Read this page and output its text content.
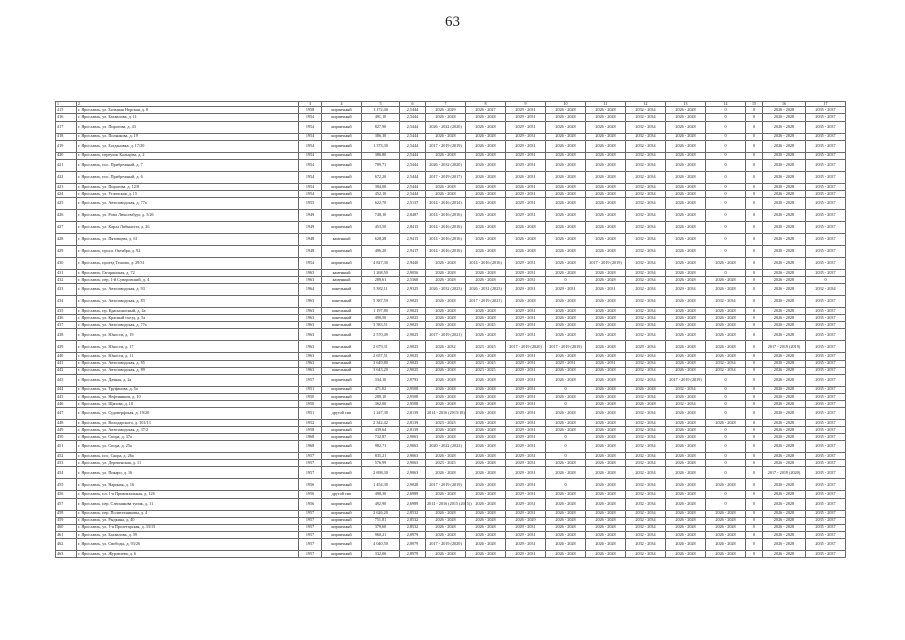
63
1	2	3	4	5	6	7	8	9	10	11	12	13	14	15	16	17
415	г. Ярославль, ул. Большая Норская, д. 8	1958	кирпичный	1 172,40	2,5444	2026 - 2029	2026 - 2027	2029 - 2031	2026 - 2028	2026 - 2028	2032 - 2034	2026 - 2028	0	0	2026 - 2028	2035 - 2037
416	г. Ярославль, ул. Бахвалова, д. 11	1954	кирпичный	491,10	2,5444	2026 - 2028	2026 - 2028	2029 - 2031	2026 - 2028	2026 - 2028	2032 - 2034	2026 - 2028	0	0	2026 - 2028	2035 - 2037
417	г. Ярославль, ул. Пирогова, д. 43	1954	кирпичный	827,90	2,5444	2026 - 2022 (2020)	2026 - 2028	2029 - 2031	2026 - 2028	2026 - 2028	2032 - 2034	2026 - 2028	0	0	2026 - 2028	2035 - 2037
418	г. Ярославль, ул. Полянкова, д. 19	1954	кирпичный	386,30	2,5444	2026 - 2028	2026 - 2028	2029 - 2031	2026 - 2028	2026 - 2028	2032 - 2034	2026 - 2028	0	0	2026 - 2028	2035 - 2037
419	г. Ярославль, ул. Богдановка, д. 17/20	1954	кирпичный	1 373,30	2,5444	2017 - 2019 (2019)	2026 - 2028	2029 - 2031	2026 - 2028	2026 - 2028	2032 - 2034	2026 - 2028	0	0	2026 - 2028	2035 - 2037
420	г. Ярославль, переулок Кольцова, д. 2	1954	кирпичный	386,80	2,5444	2026 - 2028	2026 - 2028	2029 - 2031	2026 - 2028	2026 - 2028	2032 - 2034	2026 - 2028	0	0	2026 - 2028	2035 - 2037
421	г. Ярославль, пос. Прибрежный, д. 7	1954	кирпичный	789,71	2,5444	2026 - 2032 (2020)	2026 - 2028	2029 - 2031	2026 - 2028	2026 - 2028	2032 - 2034	2026 - 2028	0	0	2026 - 2028	2035 - 2037
422	г. Ярославль, пос. Прибрежный, д. 6	1954	кирпичный	672,20	2,5444	2017 - 2019 (2017)	2026 - 2028	2026 - 2031	2026 - 2028	2026 - 2028	2032 - 2034	2026 - 2028	0	0	2026 - 2028	2035 - 2037
423	г. Ярославль, ул. Пирогова, д. 12/8	1954	кирпичный	384,00	2,5444	2026 - 2028	2026 - 2028	2026 - 2031	2026 - 2028	2026 - 2028	2032 - 2034	2026 - 2028	0	0	2026 - 2028	2035 - 2037
424	г. Ярославль, ул. Угличская, д. 15	1954	кирпичный	452,10	2,5444	2026 - 2028	2026 - 2028	2029 - 2031	2026 - 2028	2026 - 2028	2032 - 2034	2026 - 2028	0	0	2026 - 2028	2035 - 2037
425	г. Ярославль, ул. Автозаводская, д. 77а	1955	кирпичный	622,70	2,5137	2014 - 2016 (2014)	2026 - 2028	2029 - 2031	2026 - 2028	2026 - 2028	2032 - 2034	2026 - 2028	0	0	2026 - 2028	2035 - 2037
426	г. Ярославль, ул. Розы Люксембург, д. 5/26	1949	кирпичный	748,10	2,8487	2014 - 2016 (2016)	2026 - 2028	2029 - 2031	2026 - 2028	2026 - 2028	2032 - 2034	2026 - 2028	0	0	2026 - 2028	2035 - 2037
427	г. Ярославль, ул. Карла Либкнехта, д. 26	1949	кирпичный	453,50	2,8415	2014 - 2016 (2016)	2026 - 2028	2026 - 2028	2026 - 2028	2026 - 2028	2032 - 2034	2026 - 2028	0	0	2026 - 2028	2035 - 2037
428	г. Ярославль, ул. Пятовцева, д. 61	1948	каменный	628,28	2,9415	2014 - 2016 (2016)	2026 - 2028	2026 - 2028	2026 - 2028	2026 - 2028	2032 - 2034	2026 - 2028	0	0	2026 - 2028	2035 - 2037
429	г. Ярославль, просп. Октября, д. 92	1948	кирпичный	496,20	2,9417	2014 - 2016 (2016)	2026 - 2028	2026 - 2028	2026 - 2028	2026 - 2028	2032 - 2034	2026 - 2028	0	0	2026 - 2028	2035 - 2037
430	г. Ярославль, проезд Тешова, д. 29/31	1954	кирпичный	4 827,30	2,9440	2026 - 2028	2014 - 2016 (2016)	2029 - 2031	2026 - 2028	2017 - 2019 (2019)	2032 - 2034	2026 - 2028	2026 - 2028	0	2026 - 2028	2035 - 2037
431	г. Ярославль, Гагаринская, д. 72	1963	каменный	1 268,50	2,9056	2026 - 2028	2026 - 2028	2029 - 2031	2026 - 2028	2026 - 2028	2032 - 2034	2026 - 2028	0	0	2026 - 2028	2035 - 2037
432	г. Ярославль, пер. 1-й Суворовский, д. 4	1963	каменный	289,61	2,5368	2026 - 2028	2026 - 2028	2029 - 2031	0	2026 - 2028	2032 - 2034	2026 - 2028	2026 - 2028	0	2026 - 2028	0
433	г. Ярославль, ул. Автозаводская, д. 93	1964	панельный	5 382,11	2,9325	2026 - 2032 (2023)	2026 - 2031 (2023)	2029 - 2031	2029 - 2031	2026 - 2031	2032 - 2034	2029 - 2034	2026 - 2028	0	2026 - 2028	2032 - 2034
434	г. Ярославль, ул. Автозаводская, д. 83	1963	панельный	5 387,59	2,9025	2026 - 2028	2017 - 2019 (2021)	2026 - 2028	2026 - 2028	2026 - 2028	2032 - 2034	2026 - 2028	2032 - 2034	0	2026 - 2028	2035 - 2037
435	г. Ярославль, пр. Красноносный, д. 4а	1963	панельный	1 197,80	2,9023	2026 - 2028	2026 - 2028	2029 - 2031	2026 - 2028	2026 - 2028	2032 - 2034	2026 - 2028	2026 - 2028	0	2026 - 2028	2035 - 2037
436	г. Ярославль, ул. Красный съезд, д. 5а	1963	панельный	490,50	2,9025	2026 - 2028	2026 - 2028	2029 - 2031	2026 - 2028	2026 - 2028	2032 - 2034	2026 - 2028	2026 - 2028	0	2026 - 2028	2035 - 2037
437	г. Ярославль, ул. Автозаводская, д. 77а	1963	панельный	3 583,51	2,9025	2026 - 2028	2023 - 2025	2029 - 2031	2026 - 2028	2026 - 2028	2032 - 2034	2026 - 2028	2026 - 2028	0	2026 - 2028	2035 - 2037
438	г. Ярославль, ул. Юности, д. 19	1963	панельный	2 570,49	2,9025	2017 - 2019 (2021)	2026 - 2028	2029 - 2031	2026 - 2028	2026 - 2028	2032 - 2034	2026 - 2028	2026 - 2028	0	2026 - 2028	2035 - 2037
439	г. Ярославль, ул. Юности, д. 17	1963	панельный	2 679,31	2,9025	2026 - 2032	2023 - 2025	2017 - 2019 (2020)	2017 - 2019 (2019)	2026 - 2028	2029 - 2034	2026 - 2028	2026 - 2028	0	2017 - 2019 (2019)	2035 - 2037
440	г. Ярославль, ул. Юности, д. 11	1963	панельный	2 657,51	2,9025	2026 - 2028	2026 - 2028	2029 - 2031	2026 - 2028	2026 - 2028	2032 - 2034	2026 - 2028	2026 - 2028	0	2026 - 2028	2035 - 2037
441	г. Ярославль, ул. Автозаводская, д. 85	1963	панельный	3 649,80	2,9025	2026 - 2028	2023 - 2025	2029 - 2031	2029 - 2031	2026 - 2031	2032 - 2034	2026 - 2028	2032 - 2034	0	2026 - 2028	2035 - 2037
442	г. Ярославль, ул. Автозаводская, д. 89	1963	панельный	3 643,20	2,9025	2026 - 2028	2023 - 2025	2029 - 2031	2026 - 2028	2026 - 2028	2032 - 2034	2026 - 2028	2032 - 2034	0	2026 - 2028	2035 - 2037
443	г. Ярославль, ул. Дачная, д. 2а	1957	кирпичный	334,10	2,9793	2026 - 2028	2026 - 2028	2029 - 2031	2026 - 2028	2026 - 2028	2032 - 2034	2017 - 2019 (2019)	0	0	2026 - 2028	2035 - 2037
444	г. Ярославль, ул. Труфанова, д. 5а	1951	кирпичный	471,02	2,9508	2026 - 2028	2026 - 2028	2029 - 2031	0	2026 - 2028	2026 - 2028	2032 - 2034	0	0	2026 - 2028	2035 - 2037
445	г. Ярославль, ул. Нефтяников, д. 10	1950	кирпичный	289,10	2,9508	2026 - 2028	2026 - 2028	2029 - 2031	2026 - 2028	2026 - 2028	2032 - 2034	2026 - 2028	0	0	2026 - 2028	2035 - 2037
446	г. Ярославль, ул. Щапова, д. 10	1950	кирпичный	362,00	2,9508	2026 - 2028	2026 - 2028	2029 - 2031	0	2026 - 2028	2026 - 2028	2032 - 2034	0	0	2026 - 2028	2035 - 2037
447	г. Ярославль, ул. Судоверфская, д. 19/20	1951	другой тип	1 247,30	2,8139	2014 - 2016 (2015/18)	2026 - 2028	2029 - 2031	2026 - 2028	2026 - 2028	2032 - 2034	2026 - 2028	0	0	2026 - 2028	2035 - 2037
448	г. Ярославль, ул. Володарского, д. 101/13	1952	кирпичный	2 342,42	2,8139	2023 - 2025	2026 - 2028	2029 - 2031	2026 - 2028	2026 - 2028	2032 - 2034	2026 - 2028	2026 - 2028	0	2026 - 2028	2035 - 2037
449	г. Ярославль, ул. Автозаводская, д. 37/2	1958	кирпичный	439,64	2,8139	2026 - 2028	2026 - 2028	2029 - 2031	2026 - 2028	2026 - 2028	2032 - 2034	2026 - 2028	0	0	2026 - 2028	2035 - 2037
450	г. Ярославль, ул. Спора, д. 37а	1968	кирпичный	732,87	2,9063	2026 - 2028	2026 - 2028	2029 - 2031	0	2026 - 2028	2032 - 2034	2026 - 2028	0	0	2026 - 2028	2035 - 2037
451	г. Ярославль, ул. Спора, д. 25а	1968	кирпичный	982,71	2,9063	2020 - 2022 (2022)	2026 - 2028	2029 - 2031	0	2026 - 2028	2032 - 2034	2026 - 2028	0	0	2026 - 2028	2035 - 2037
452	г. Ярославль, пос. Скора, д. 26а	1957	кирпичный	835,21	2,9063	2026 - 2028	2026 - 2028	2029 - 2031	0	2026 - 2028	2032 - 2034	2026 - 2028	0	0	2026 - 2028	2035 - 2037
453	г. Ярославль, ул. Деревенская, д. 11	1957	кирпичный	576,99	2,9063	2023 - 2025	2026 - 2028	2029 - 2031	2026 - 2028	2026 - 2028	2032 - 2034	2026 - 2028	0	0	2026 - 2028	2035 - 2037
454	г. Ярославль, ул. Пикаро, д. 16	1957	кирпичный	2 698,30	2,9063	2026 - 2028	2026 - 2028	2029 - 2031	2026 - 2028	2026 - 2028	2032 - 2034	2026 - 2028	0	0	2017 - 2019 (2020)	2035 - 2037
455	г. Ярославль, ул. Нариная, д. 16	1956	кирпичный	1 454,30	2,9028	2017 - 2019 (2019)	2026 - 2028	2029 - 2031	0	2026 - 2028	2032 - 2034	2026 - 2028	2026 - 2028	0	2026 - 2028	2035 - 2037
456	г. Ярославль, пл. 1-я Привокзальная, д. 126	1956	другой тип	498,30	2,6989	2026 - 2028	2026 - 2028	2029 - 2031	2026 - 2028	2026 - 2028	2032 - 2034	2026 - 2028	0	0	2026 - 2028	2035 - 2037
457	г. Ярославль, пер. Слепнякова тупик, д. 11	1956	кирпичный	492,90	2,6989	2014 - 2016 (2015 (2015))	2026 - 2028	2029 - 2031	2026 - 2028	2026 - 2028	2032 - 2034	2026 - 2028	0	0	2026 - 2028	2035 - 2037
458	г. Ярославль, пер. Политехниковы, д. 4	1957	кирпичный	2 626,20	2,8532	2026 - 2028	2026 - 2028	2029 - 2031	2026 - 2028	2026 - 2028	2032 - 2034	2026 - 2028	2026 - 2028	0	2026 - 2028	2035 - 2037
459	г. Ярославль, ул. Рыдкина, д. 40	1957	кирпичный	751,81	2,8532	2026 - 2028	2026 - 2028	2026 - 2029	2026 - 2028	2026 - 2028	2032 - 2034	2026 - 2028	2026 - 2028	0	2026 - 2028	2035 - 2037
460	г. Ярославль, ул. 1-я Пролетарская, д. 33/15	1957	кирпичный	379,60	2,8532	2026 - 2028	2026 - 2028	2029 - 2031	2026 - 2028	2026 - 2028	2032 - 2034	2026 - 2028	2026 - 2028	0	2026 - 2028	2035 - 2037
461	г. Ярославль, ул. Бахвалова, д. 39	1957	кирпичный	960,21	2,8979	2026 - 2028	2026 - 2028	2029 - 2031	2026 - 2028	2026 - 2028	2032 - 2034	2026 - 2028	2026 - 2028	0	2026 - 2028	2035 - 2037
462	г. Ярославль, ул. Свободы, д. 93/26	1957	кирпичный	4 040,50	2,8979	2017 - 2019 (2020)	2026 - 2028	2029 - 2031	2026 - 2028	2026 - 2028	2032 - 2034	2026 - 2028	2026 - 2028	0	2026 - 2028	2035 - 2037
463	г. Ярославль, ул. Журавлева, д. 6	1957	кирпичный	332,06	2,8979	2026 - 2028	2026 - 2028	2029 - 2031	2026 - 2028	2026 - 2028	2032 - 2034	2026 - 2028	2026 - 2028	0	2026 - 2028	2035 - 2037
